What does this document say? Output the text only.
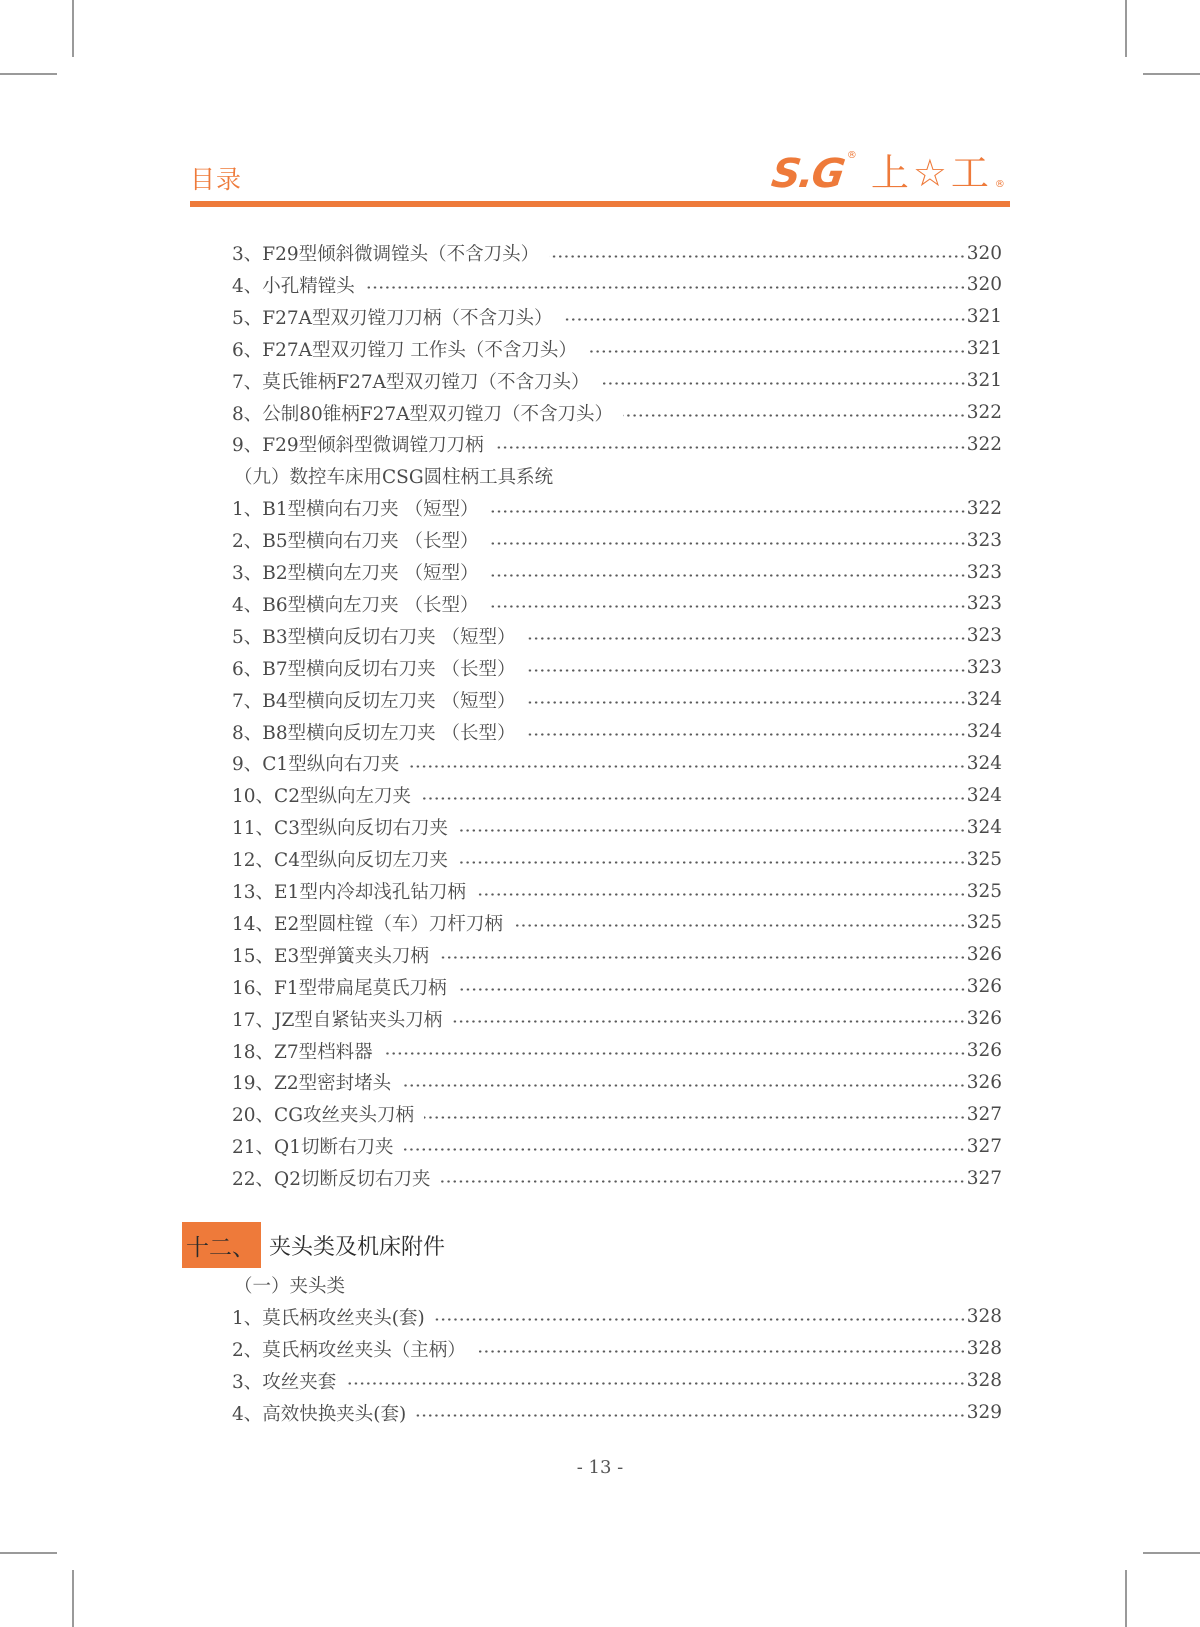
目录	S.G ® 上☆工 ®
3、F29型倾斜微调镗头（不含刀头）	320
4、小孔精镗头	320
5、F27A型双刃镗刀刀柄（不含刀头）	321
6、F27A型双刃镗刀 工作头（不含刀头）	321
7、莫氏锥柄F27A型双刃镗刀（不含刀头）	321
8、公制80锥柄F27A型双刃镗刀（不含刀头）	322
9、F29型倾斜型微调镗刀刀柄	322
（九）数控车床用CSG圆柱柄工具系统
1、B1型横向右刀夹 （短型）	322
2、B5型横向右刀夹 （长型）	323
3、B2型横向左刀夹 （短型）	323
4、B6型横向左刀夹 （长型）	323
5、B3型横向反切右刀夹 （短型）	323
6、B7型横向反切右刀夹 （长型）	323
7、B4型横向反切左刀夹 （短型）	324
8、B8型横向反切左刀夹 （长型）	324
9、C1型纵向右刀夹	324
10、C2型纵向左刀夹	324
11、C3型纵向反切右刀夹	324
12、C4型纵向反切左刀夹	325
13、E1型内冷却浅孔钻刀柄	325
14、E2型圆柱镗（车）刀杆刀柄	325
15、E3型弹簧夹头刀柄	326
16、F1型带扁尾莫氏刀柄	326
17、JZ型自紧钻夹头刀柄	326
18、Z7型档料器	326
19、Z2型密封堵头	326
20、CG攻丝夹头刀柄	327
21、Q1切断右刀夹	327
22、Q2切断反切右刀夹	327
十二、 夹头类及机床附件
（一）夹头类
1、莫氏柄攻丝夹头(套)	328
2、莫氏柄攻丝夹头（主柄）	328
3、攻丝夹套	328
4、高效快换夹头(套)	329
- 13 -
